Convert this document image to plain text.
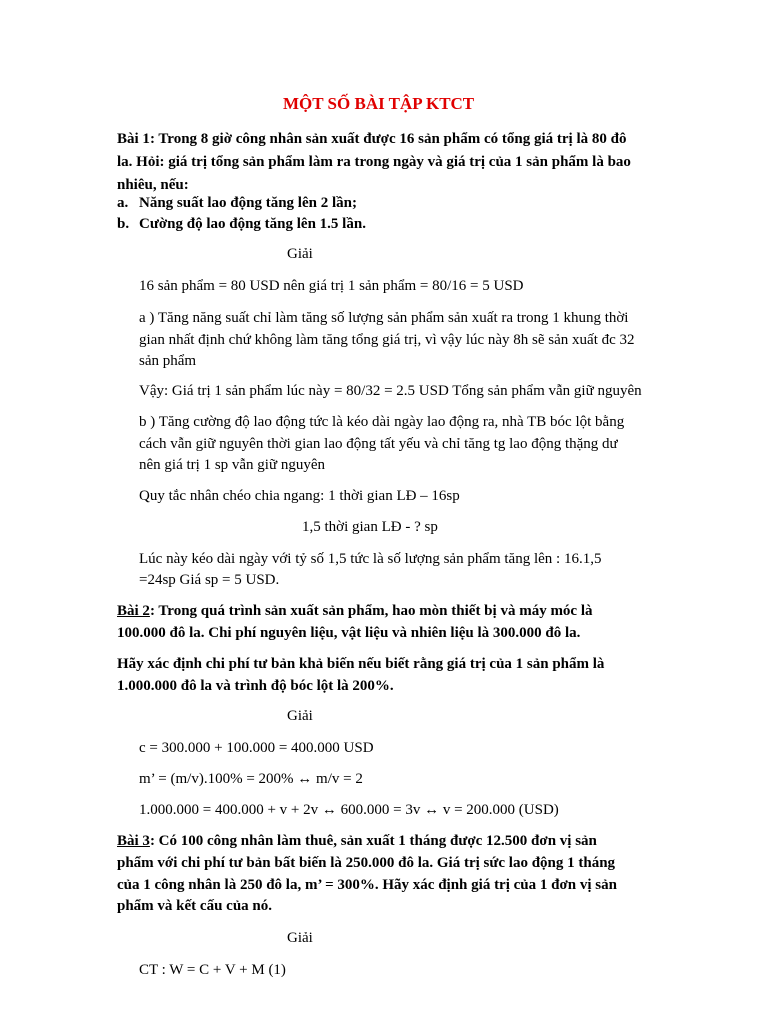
MỘT SỐ BÀI TẬP KTCT
Bài 1: Trong 8 giờ công nhân sản xuất được 16 sản phẩm có tổng giá trị là 80 đô
la. Hỏi: giá trị tổng sản phẩm làm ra trong ngày và giá trị của 1 sản phẩm là bao
nhiêu, nếu:
a. Năng suất lao động tăng lên 2 lần;
b. Cường độ lao động tăng lên 1.5 lần.
Giải
16 sản phẩm = 80 USD nên giá trị 1 sản phẩm = 80/16 = 5 USD
a ) Tăng năng suất chỉ làm tăng số lượng sản phẩm sản xuất ra trong 1 khung thời
gian nhất định chứ không làm tăng tổng giá trị, vì vậy lúc này 8h sẽ sản xuất đc 32
sản phẩm
Vậy: Giá trị 1 sản phẩm lúc này = 80/32 = 2.5 USD Tổng sản phẩm vẫn giữ nguyên
b ) Tăng cường độ lao động tức là kéo dài ngày lao động ra, nhà TB bóc lột bằng
cách vẫn giữ nguyên thời gian lao động tất yếu và chỉ tăng tg lao động thặng dư
nên giá trị 1 sp vẫn giữ nguyên
Quy tắc nhân chéo chia ngang: 1 thời gian LĐ – 16sp
1,5 thời gian LĐ - ? sp
Lúc này kéo dài ngày với tỷ số 1,5 tức là số lượng sản phẩm tăng lên : 16.1,5
=24sp Giá sp = 5 USD.
Bài 2: Trong quá trình sản xuất sản phẩm, hao mòn thiết bị và máy móc là
100.000 đô la. Chi phí nguyên liệu, vật liệu và nhiên liệu là 300.000 đô la.
Hãy xác định chi phí tư bản khả biến nếu biết rằng giá trị của 1 sản phẩm là
1.000.000 đô la và trình độ bóc lột là 200%.
Giải
c = 300.000 + 100.000 = 400.000 USD
m’ = (m/v).100% = 200% ↔ m/v = 2
1.000.000 = 400.000 + v + 2v ↔ 600.000 = 3v ↔ v = 200.000 (USD)
Bài 3: Có 100 công nhân làm thuê, sản xuất 1 tháng được 12.500 đơn vị sản
phẩm với chi phí tư bản bất biến là 250.000 đô la. Giá trị sức lao động 1 tháng
của 1 công nhân là 250 đô la, m’ = 300%. Hãy xác định giá trị của 1 đơn vị sản
phẩm và kết cấu của nó.
Giải
CT : W = C + V + M (1)
